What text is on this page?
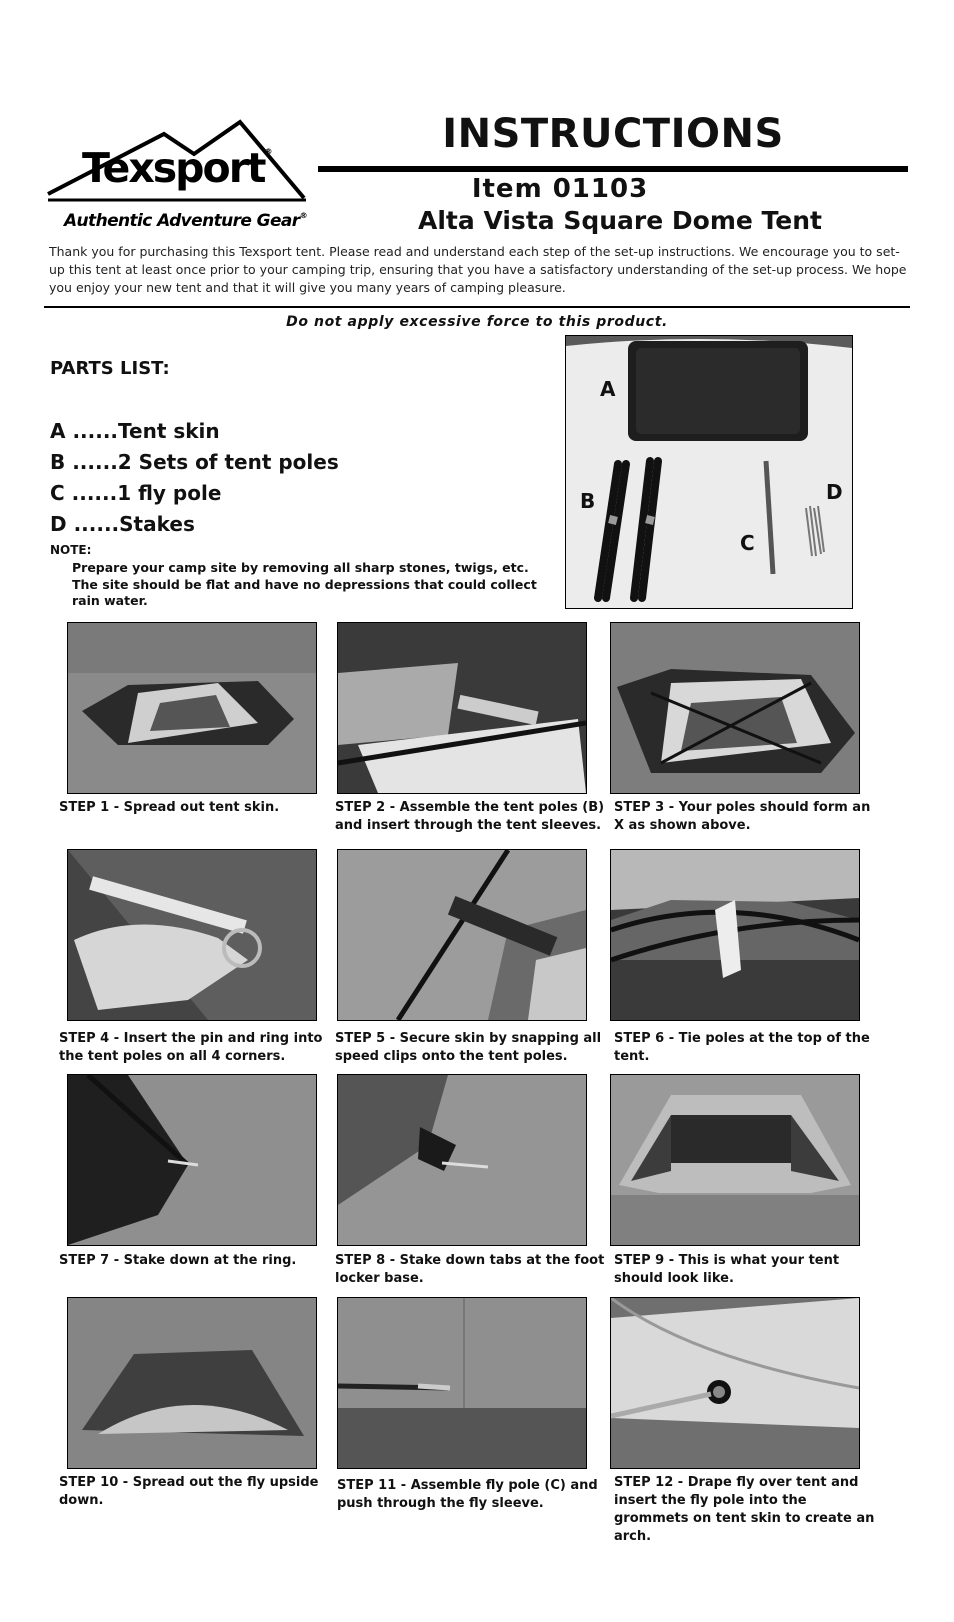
Texsport®
Authentic Adventure Gear®
INSTRUCTIONS
Item 01103
Alta Vista Square Dome Tent
Thank you for purchasing this Texsport tent. Please read and understand each step of the set-up instructions. We encourage you to set-up this tent at least once prior to your camping trip, ensuring that you have a satisfactory understanding of the set-up process. We hope you enjoy your new tent and that it will give you many years of camping pleasure.
Do not apply excessive force to this product.
PARTS LIST:
A ......Tent skin
B ......2 Sets of tent poles
C ......1 fly pole
D ......Stakes
NOTE:
Prepare your camp site by removing all sharp stones, twigs, etc. The site should be flat and have no depressions that could collect rain water.
A
B
C
D
STEP 1 - Spread out tent skin.	STEP 2 - Assemble the tent poles (B) and insert through the tent sleeves.
STEP 3 - Your poles should form an X as shown above.
STEP 4 - Insert the pin and ring into the tent poles on all 4 corners.
STEP 5 - Secure skin by snapping all speed clips onto the tent poles.
STEP 6 - Tie poles at the top of the tent.
STEP 7 - Stake down at the ring.	STEP 8 - Stake down tabs at the foot locker base.
STEP 9 - This is what your tent should look like.
STEP 10 - Spread out the fly upside down.
STEP 11 - Assemble fly pole (C) and push through the fly sleeve.
STEP 12 - Drape fly over tent and insert the fly pole into the grommets on tent skin to create an arch.
